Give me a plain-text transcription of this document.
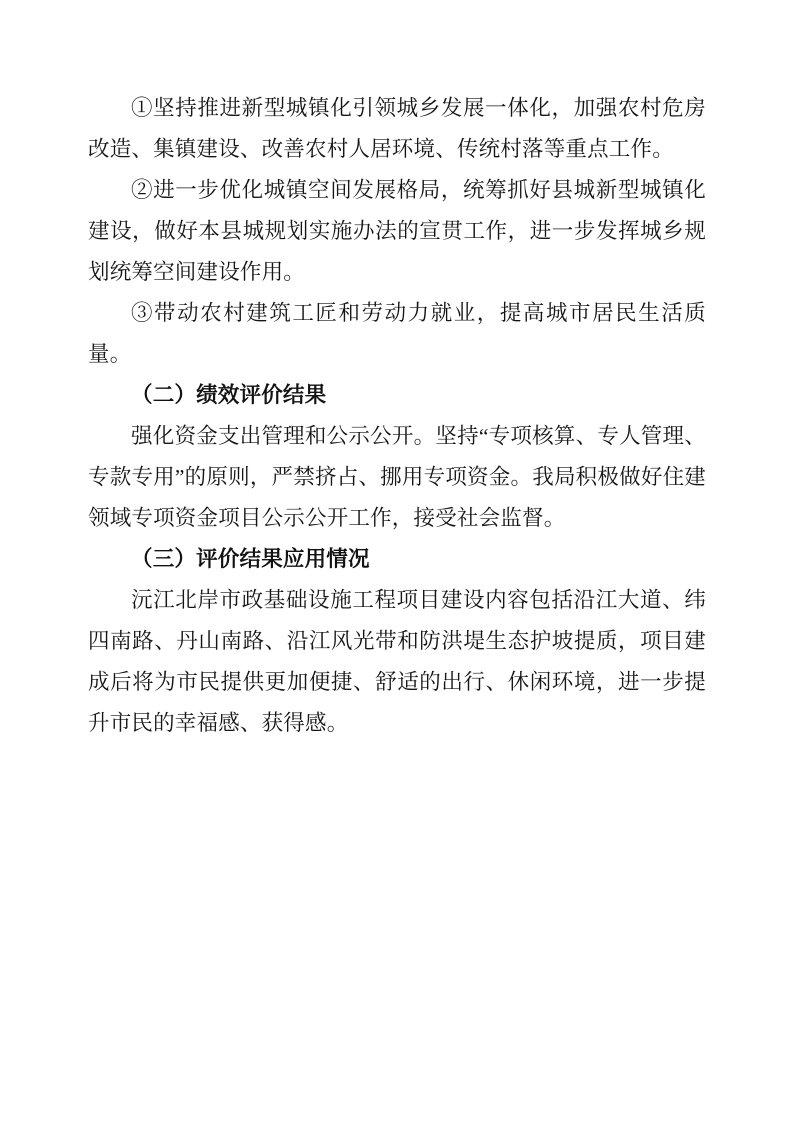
①坚持推进新型城镇化引领城乡发展一体化，加强农村危房改造、集镇建设、改善农村人居环境、传统村落等重点工作。

②进一步优化城镇空间发展格局，统筹抓好县城新型城镇化建设，做好本县城规划实施办法的宣贯工作，进一步发挥城乡规划统筹空间建设作用。

③带动农村建筑工匠和劳动力就业，提高城市居民生活质量。

（二）绩效评价结果

强化资金支出管理和公示公开。坚持“专项核算、专人管理、专款专用”的原则，严禁挤占、挪用专项资金。我局积极做好住建领域专项资金项目公示公开工作，接受社会监督。

（三）评价结果应用情况

沅江北岸市政基础设施工程项目建设内容包括沿江大道、纬四南路、丹山南路、沿江风光带和防洪堤生态护坡提质，项目建成后将为市民提供更加便捷、舒适的出行、休闲环境，进一步提升市民的幸福感、获得感。
